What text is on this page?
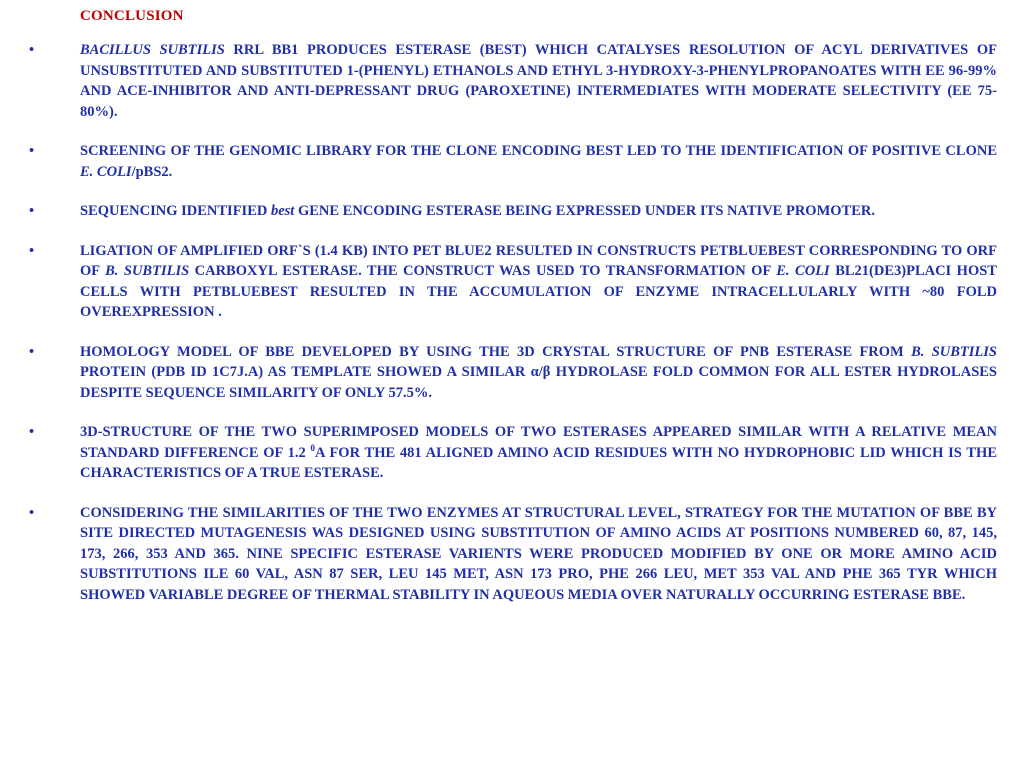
CONCLUSION
•	BACILLUS SUBTILIS RRL BB1 PRODUCES ESTERASE (BEST) WHICH CATALYSES RESOLUTION OF ACYL DERIVATIVES OF UNSUBSTITUTED AND SUBSTITUTED 1-(PHENYL) ETHANOLS AND ETHYL 3-HYDROXY-3-PHENYLPROPANOATES WITH EE 96-99% AND ACE-INHIBITOR AND ANTI-DEPRESSANT DRUG (PAROXETINE) INTERMEDIATES WITH MODERATE SELECTIVITY (EE 75-80%).
•	SCREENING OF THE GENOMIC LIBRARY FOR THE CLONE ENCODING BEST LED TO THE IDENTIFICATION OF POSITIVE CLONE E. COLI/pBS2.
•	SEQUENCING IDENTIFIED best GENE ENCODING ESTERASE BEING EXPRESSED UNDER ITS NATIVE PROMOTER.
•	LIGATION OF AMPLIFIED ORF`S (1.4 KB) INTO PET BLUE2 RESULTED IN CONSTRUCTS PETBLUEBEST CORRESPONDING TO ORF OF B. SUBTILIS CARBOXYL ESTERASE. THE CONSTRUCT WAS USED TO TRANSFORMATION OF E. COLI BL21(DE3)PLACI HOST CELLS WITH PETBLUEBEST RESULTED IN THE ACCUMULATION OF ENZYME INTRACELLULARLY WITH ~80 FOLD OVEREXPRESSION .
•	HOMOLOGY MODEL OF BBE DEVELOPED BY USING THE 3D CRYSTAL STRUCTURE OF PNB ESTERASE FROM B. SUBTILIS PROTEIN (PDB ID 1C7J.A) AS TEMPLATE SHOWED A SIMILAR α/β HYDROLASE FOLD COMMON FOR ALL ESTER HYDROLASES DESPITE SEQUENCE SIMILARITY OF ONLY 57.5%.
•	3D-STRUCTURE OF THE TWO SUPERIMPOSED MODELS OF TWO ESTERASES APPEARED SIMILAR WITH A RELATIVE MEAN STANDARD DIFFERENCE OF 1.2 $^0$A FOR THE 481 ALIGNED AMINO ACID RESIDUES WITH NO HYDROPHOBIC LID WHICH IS THE CHARACTERISTICS OF A TRUE ESTERASE.
•	CONSIDERING THE SIMILARITIES OF THE TWO ENZYMES AT STRUCTURAL LEVEL, STRATEGY FOR THE MUTATION OF BBE BY SITE DIRECTED MUTAGENESIS WAS DESIGNED USING SUBSTITUTION OF AMINO ACIDS AT POSITIONS NUMBERED 60, 87, 145, 173, 266, 353 AND 365. NINE SPECIFIC ESTERASE VARIENTS WERE PRODUCED MODIFIED BY ONE OR MORE AMINO ACID SUBSTITUTIONS ILE 60 VAL, ASN 87 SER, LEU 145 MET, ASN 173 PRO, PHE 266 LEU, MET 353 VAL AND PHE 365 TYR WHICH SHOWED VARIABLE DEGREE OF THERMAL STABILITY IN AQUEOUS MEDIA OVER NATURALLY OCCURRING ESTERASE BBE.
